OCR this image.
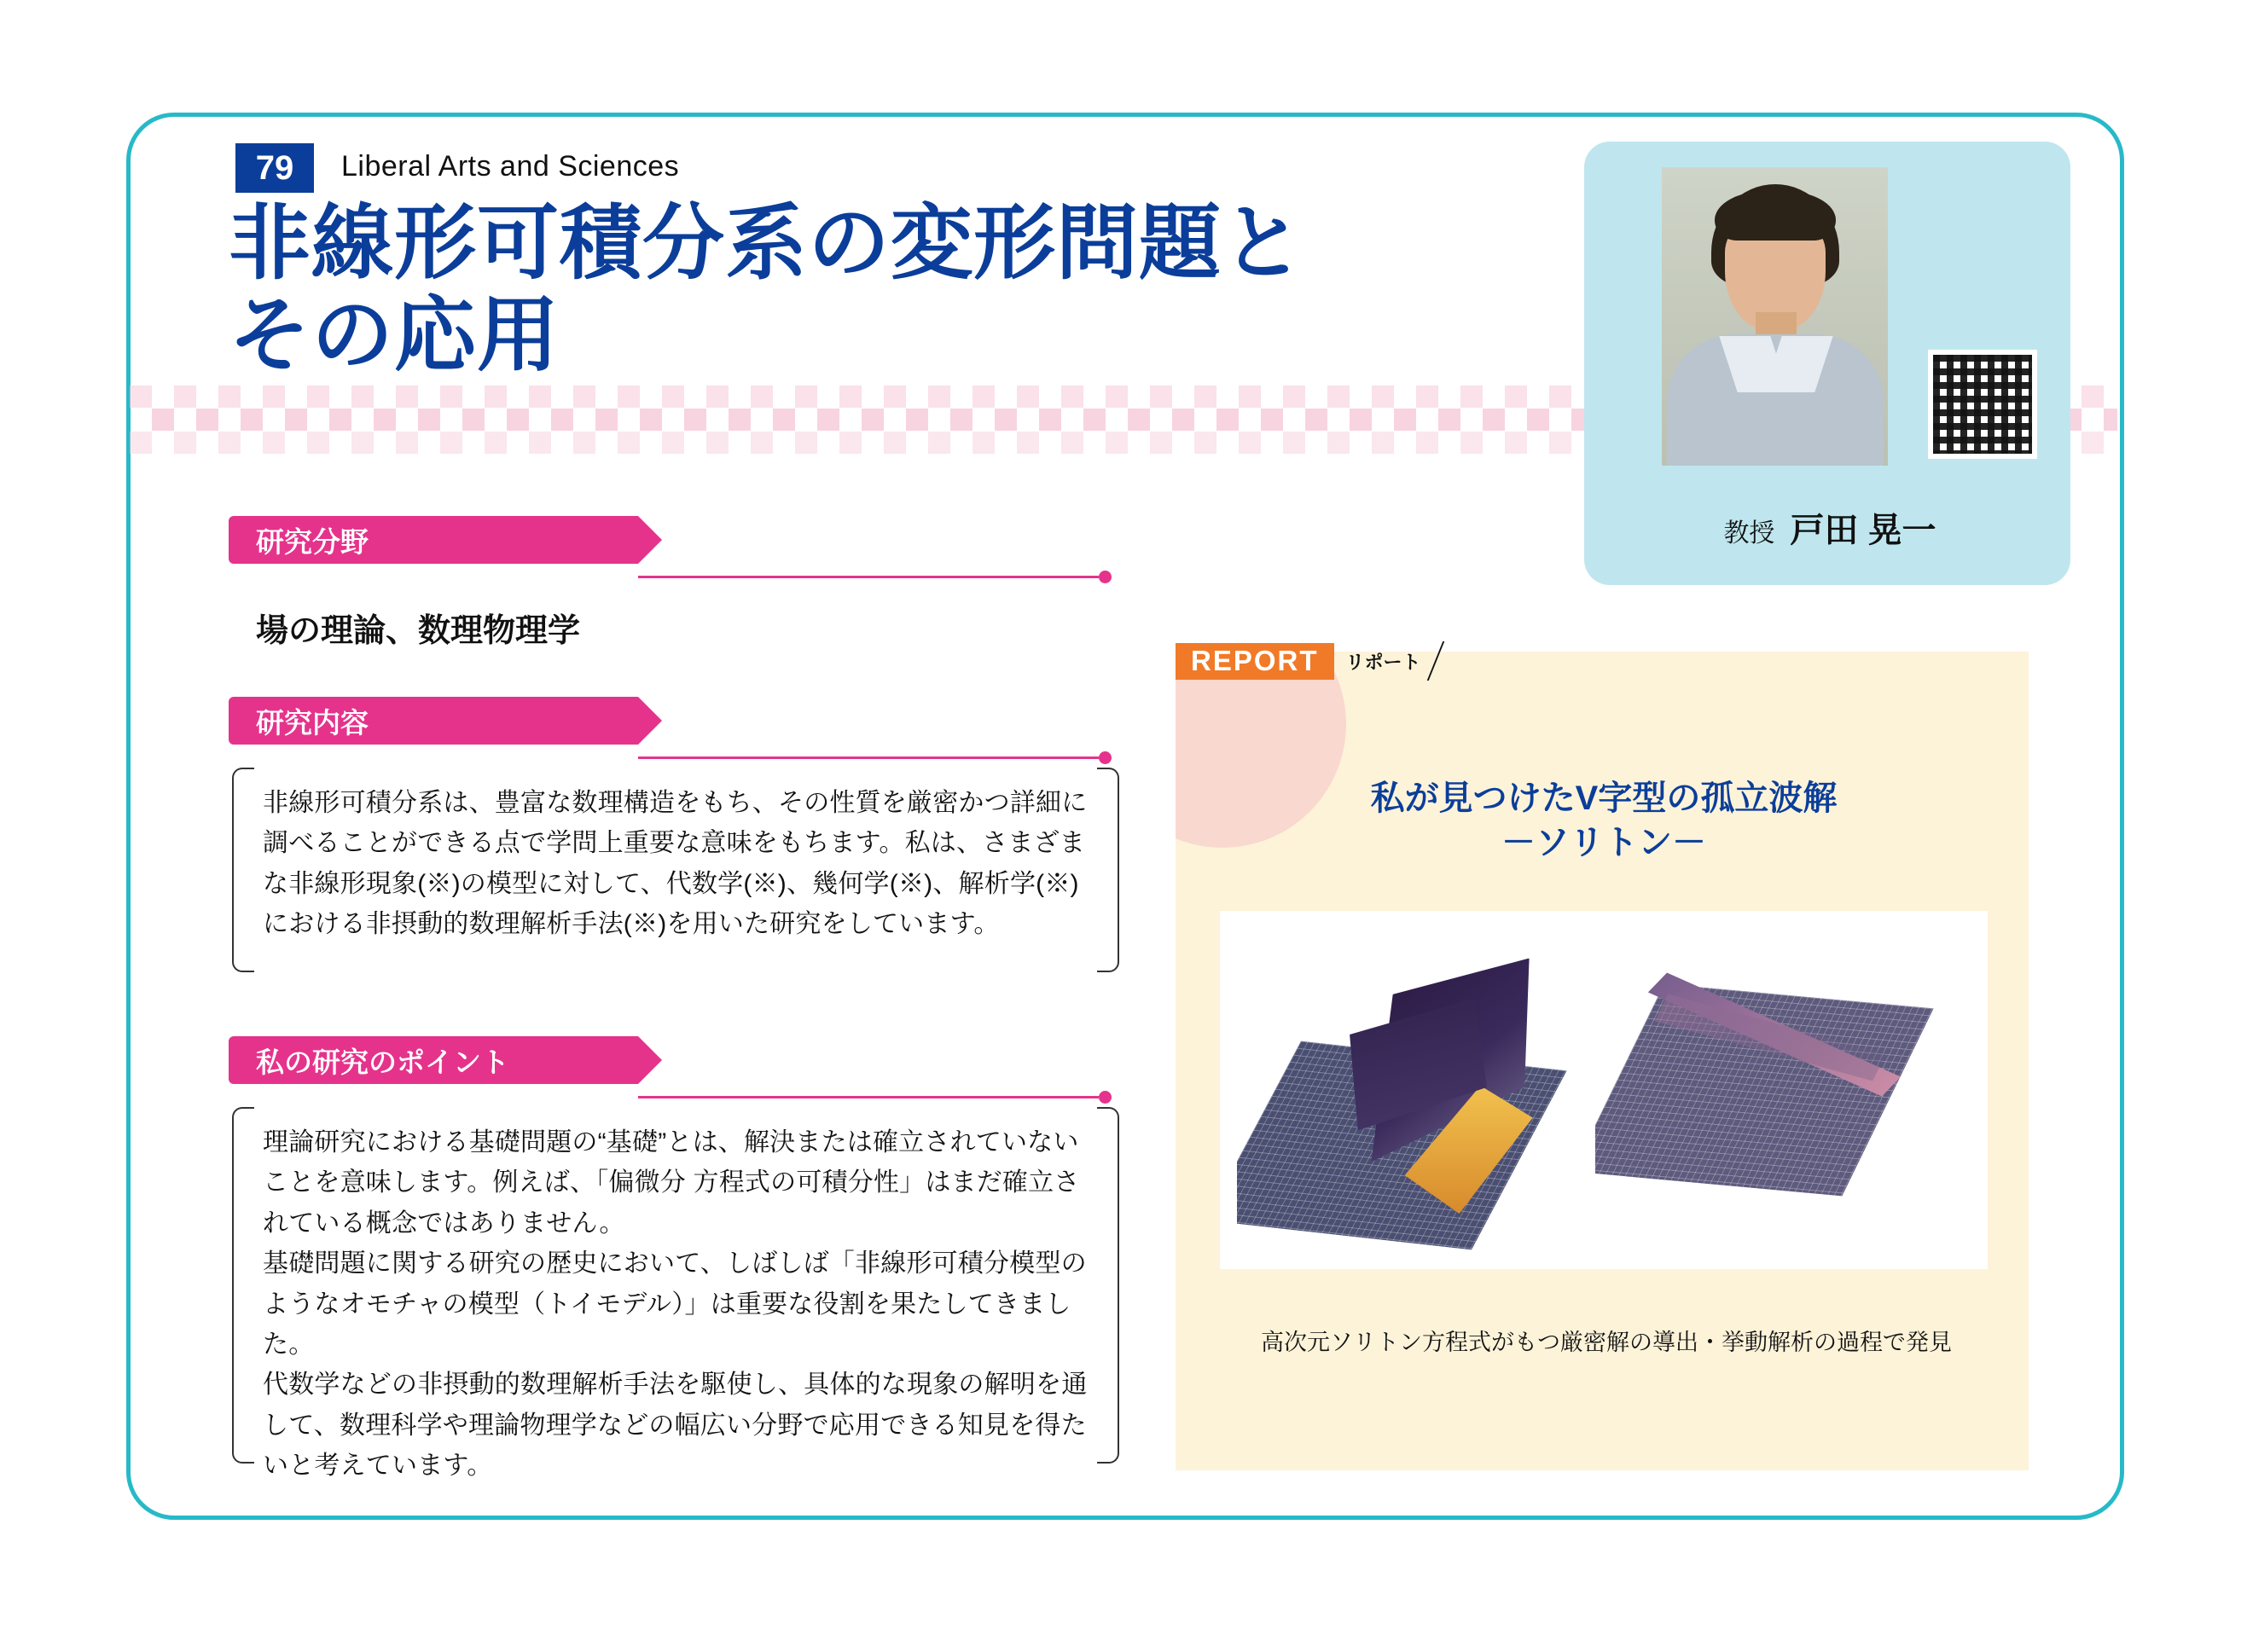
79	Liberal Arts and Sciences
非線形可積分系の変形問題と
その応用
教授 戸田 晃一
研究分野
場の理論、数理物理学
研究内容

非線形可積分系は、豊富な数理構造をもち、その性質を厳密かつ詳細に調べることができる点で学問上重要な意味をもちます。私は、さまざまな非線形現象(※)の模型に対して、代数学(※)、幾何学(※)、解析学(※)における非摂動的数理解析手法(※)を用いた研究をしています。

私の研究のポイント

理論研究における基礎問題の“基礎”とは、解決または確立されていないことを意味します。例えば、「偏微分 方程式の可積分性」はまだ確立されている概念ではありません。

基礎問題に関する研究の歴史において、しばしば「非線形可積分模型のようなオモチャの模型（トイモデル）」は重要な役割を果たしてきました。

代数学などの非摂動的数理解析手法を駆使し、具体的な現象の解明を通して、数理科学や理論物理学などの幅広い分野で応用できる知見を得たいと考えています。

REPORT	リポート
私が見つけたV字型の孤立波解
－ソリトン－
高次元ソリトン方程式がもつ厳密解の導出・挙動解析の過程で発見
